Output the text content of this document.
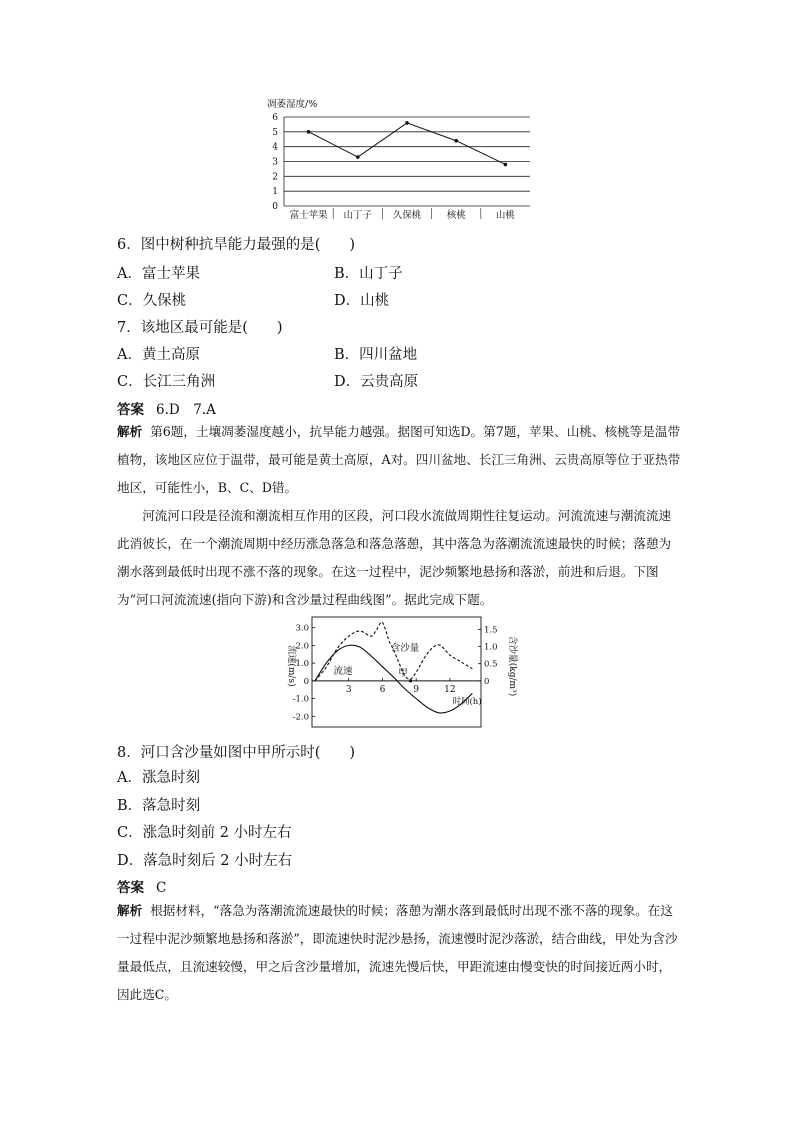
凋萎湿度/%
0
1
2
3
4
5
6
富士苹果 山丁子 久保桃	核桃	山桃
6．图中树种抗旱能力最强的是(　　)
A．富士苹果	B．山丁子
C．久保桃	D．山桃
7．该地区最可能是(　　)
A．黄土高原	B．四川盆地
C．长江三角洲	D．云贵高原
答案 6.D　7.A
解析 第6题，土壤凋萎湿度越小，抗旱能力越强。据图可知选D。第7题，苹果、山桃、核桃等是温带植物，该地区应位于温带，最可能是黄土高原，A对。四川盆地、长江三角洲、云贵高原等位于亚热带地区，可能性小，B、C、D错。
河流河口段是径流和潮流相互作用的区段，河口段水流做周期性往复运动。河流流速与潮流流速此消彼长，在一个潮流周期中经历涨急落急和落急落憩，其中落急为落潮流流速最快的时候；落憩为潮水落到最低时出现不涨不落的现象。在这一过程中，泥沙频繁地悬扬和落淤，前进和后退。下图为“河口河流流速(指向下游)和含沙量过程曲线图”。据此完成下题。
流速(m/s)	含沙量(kg/m³)
3.0
2.0
1.0
0
-1.0
-2.0
1.5
1.0
0.5
0
3	6	9	12
时间(h)
流速
含沙量
甲
8．河口含沙量如图中甲所示时(　　)
A．涨急时刻
B．落急时刻
C．涨急时刻前 2 小时左右
D．落急时刻后 2 小时左右
答案 C
解析 根据材料，“落急为落潮流流速最快的时候；落憩为潮水落到最低时出现不涨不落的现象。在这一过程中泥沙频繁地悬扬和落淤”，即流速快时泥沙悬扬，流速慢时泥沙落淤，结合曲线，甲处为含沙量最低点，且流速较慢，甲之后含沙量增加，流速先慢后快，甲距流速由慢变快的时间接近两小时，因此选C。
